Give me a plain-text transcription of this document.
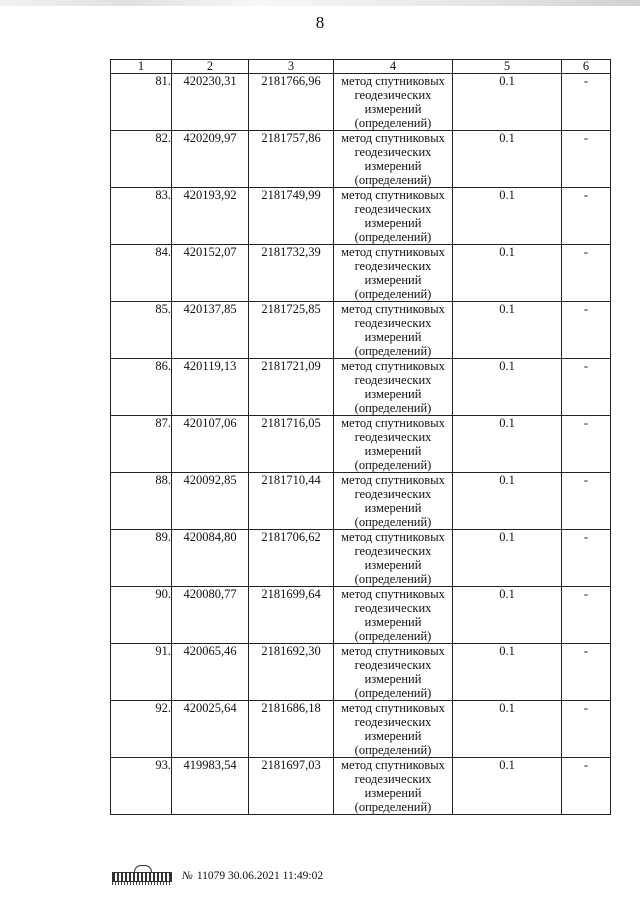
8
1	2	3	4	5	6
81.	420230,31	2181766,96	метод спутниковых геодезических измерений (определений)	0.1	-
82.	420209,97	2181757,86	метод спутниковых геодезических измерений (определений)	0.1	-
83.	420193,92	2181749,99	метод спутниковых геодезических измерений (определений)	0.1	-
84.	420152,07	2181732,39	метод спутниковых геодезических измерений (определений)	0.1	-
85.	420137,85	2181725,85	метод спутниковых геодезических измерений (определений)	0.1	-
86.	420119,13	2181721,09	метод спутниковых геодезических измерений (определений)	0.1	-
87.	420107,06	2181716,05	метод спутниковых геодезических измерений (определений)	0.1	-
88.	420092,85	2181710,44	метод спутниковых геодезических измерений (определений)	0.1	-
89.	420084,80	2181706,62	метод спутниковых геодезических измерений (определений)	0.1	-
90.	420080,77	2181699,64	метод спутниковых геодезических измерений (определений)	0.1	-
91.	420065,46	2181692,30	метод спутниковых геодезических измерений (определений)	0.1	-
92.	420025,64	2181686,18	метод спутниковых геодезических измерений (определений)	0.1	-
93.	419983,54	2181697,03	метод спутниковых геодезических измерений (определений)	0.1	-
№ 11079 30.06.2021 11:49:02
